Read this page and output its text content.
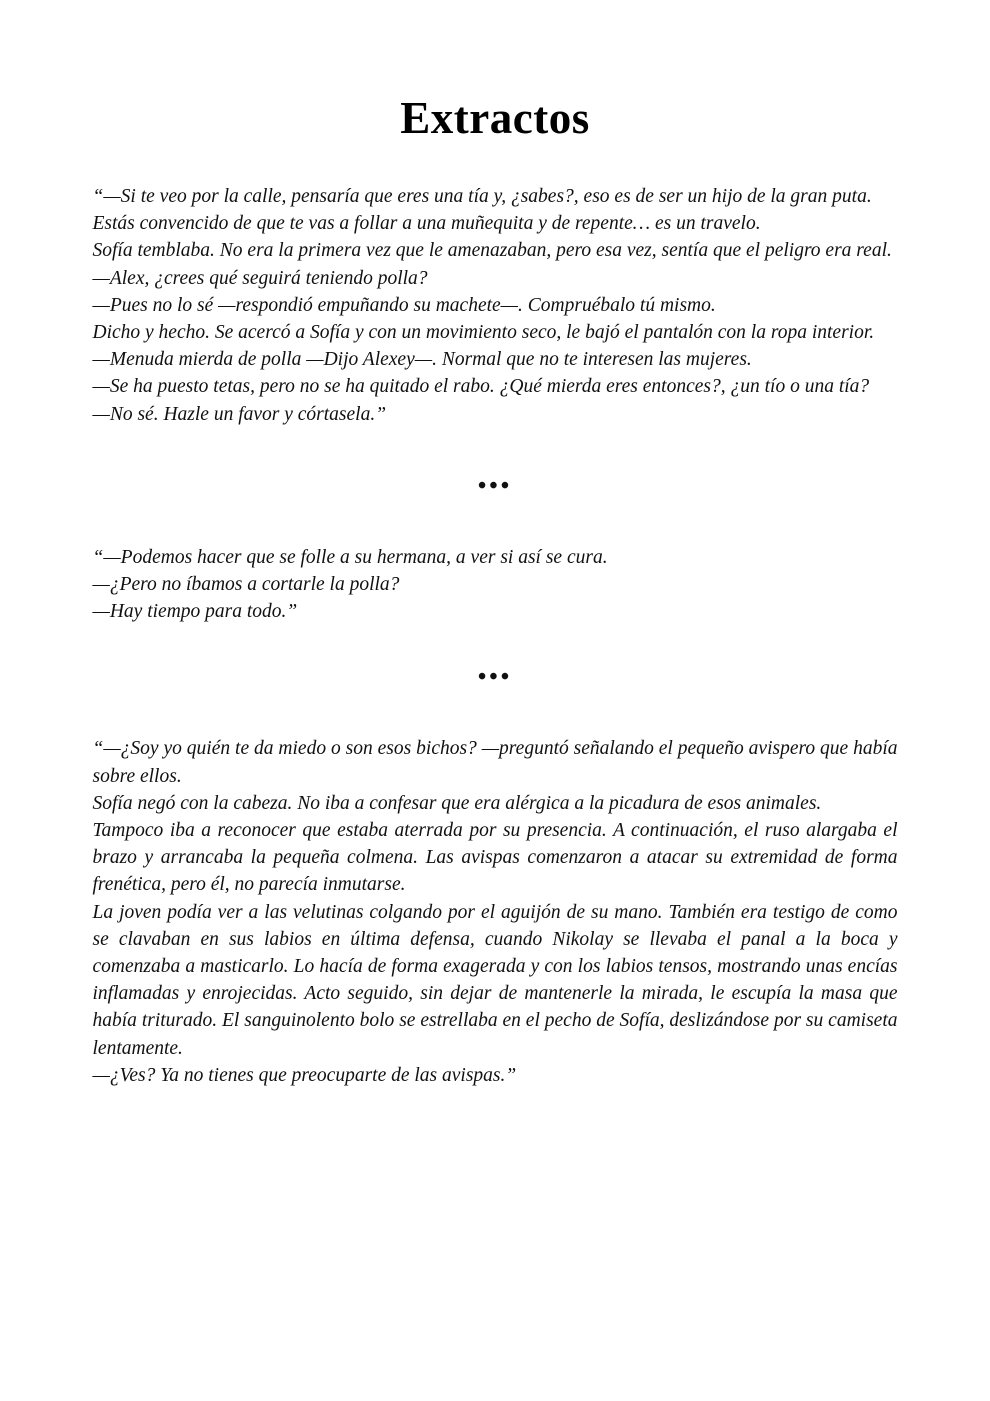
Extractos

“—Si te veo por la calle, pensaría que eres una tía y, ¿sabes?, eso es de ser un hijo de la gran puta.

Estás convencido de que te vas a follar a una muñequita y de repente… es un travelo.

Sofía temblaba. No era la primera vez que le amenazaban, pero esa vez, sentía que el peligro era real.

—Alex, ¿crees qué seguirá teniendo polla?

—Pues no lo sé —respondió empuñando su machete—. Compruébalo tú mismo.

Dicho y hecho. Se acercó a Sofía y con un movimiento seco, le bajó el pantalón con la ropa interior.

—Menuda mierda de polla —Dijo Alexey—. Normal que no te interesen las mujeres.

—Se ha puesto tetas, pero no se ha quitado el rabo. ¿Qué mierda eres entonces?, ¿un tío o una tía?

—No sé. Hazle un favor y córtasela.”

•••

“—Podemos hacer que se folle a su hermana, a ver si así se cura.

—¿Pero no íbamos a cortarle la polla?

—Hay tiempo para todo.”

•••

“—¿Soy yo quién te da miedo o son esos bichos? —preguntó señalando el pequeño avispero que había sobre ellos.

Sofía negó con la cabeza. No iba a confesar que era alérgica a la picadura de esos animales.

Tampoco iba a reconocer que estaba aterrada por su presencia. A continuación, el ruso alargaba el brazo y arrancaba la pequeña colmena. Las avispas comenzaron a atacar su extremidad de forma frenética, pero él, no parecía inmutarse.

La joven podía ver a las velutinas colgando por el aguijón de su mano. También era testigo de como se clavaban en sus labios en última defensa, cuando Nikolay se llevaba el panal a la boca y comenzaba a masticarlo. Lo hacía de forma exagerada y con los labios tensos, mostrando unas encías inflamadas y enrojecidas. Acto seguido, sin dejar de mantenerle la mirada, le escupía la masa que había triturado. El sanguinolento bolo se estrellaba en el pecho de Sofía, deslizándose por su camiseta lentamente.

—¿Ves? Ya no tienes que preocuparte de las avispas.”
